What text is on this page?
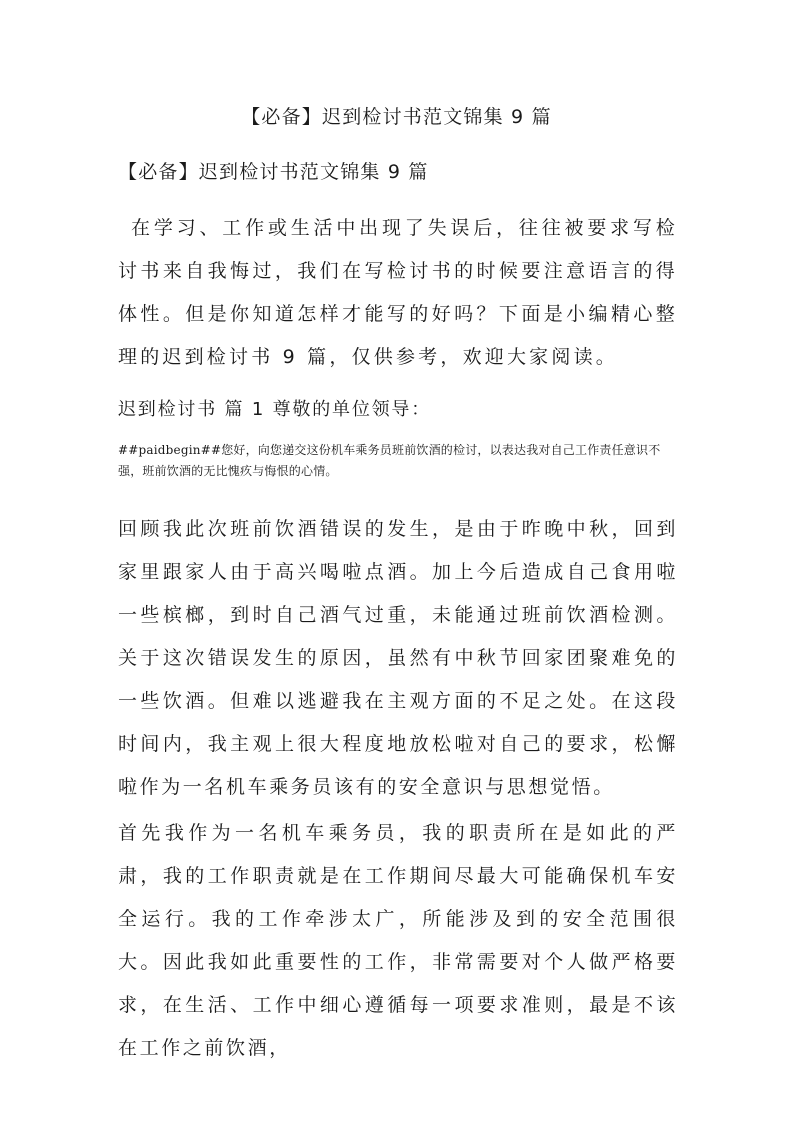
【必备】迟到检讨书范文锦集 9 篇
【必备】迟到检讨书范文锦集 9 篇

在学习、工作或生活中出现了失误后，往往被要求写检讨书来自我悔过，我们在写检讨书的时候要注意语言的得体性。但是你知道怎样才能写的好吗？下面是小编精心整理的迟到检讨书 9 篇，仅供参考，欢迎大家阅读。

迟到检讨书 篇 1 尊敬的单位领导：

##paidbegin##您好，向您递交这份机车乘务员班前饮酒的检讨，以表达我对自己工作责任意识不强，班前饮酒的无比愧疚与悔恨的心情。

回顾我此次班前饮酒错误的发生，是由于昨晚中秋，回到家里跟家人由于高兴喝啦点酒。加上今后造成自己食用啦一些槟榔，到时自己酒气过重，未能通过班前饮酒检测。关于这次错误发生的原因，虽然有中秋节回家团聚难免的一些饮酒。但难以逃避我在主观方面的不足之处。在这段时间内，我主观上很大程度地放松啦对自己的要求，松懈啦作为一名机车乘务员该有的安全意识与思想觉悟。

首先我作为一名机车乘务员，我的职责所在是如此的严肃，我的工作职责就是在工作期间尽最大可能确保机车安全运行。我的工作牵涉太广，所能涉及到的安全范围很大。因此我如此重要性的工作，非常需要对个人做严格要求，在生活、工作中细心遵循每一项要求准则，最是不该在工作之前饮酒，
